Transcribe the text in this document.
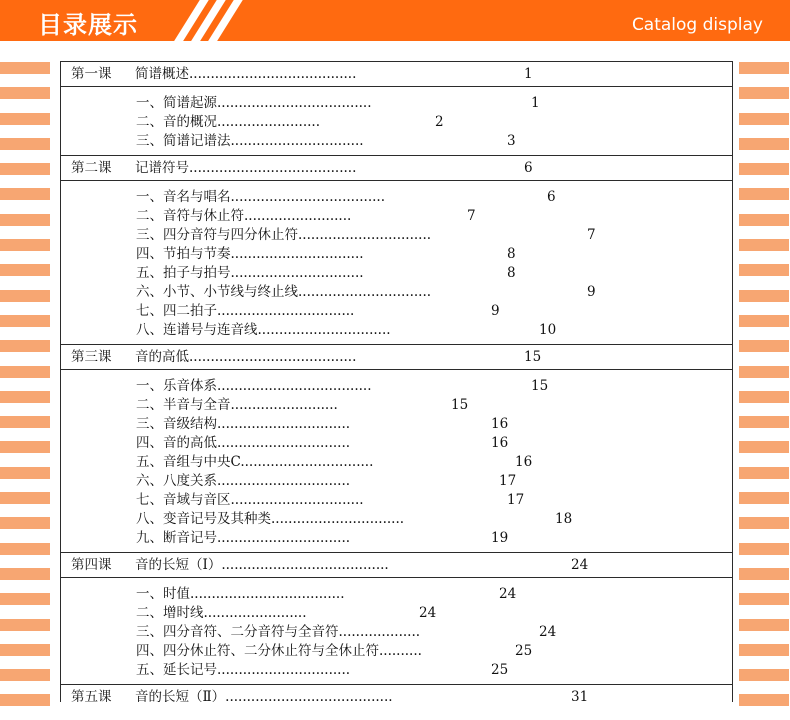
目录展示	Catalog display
第一课 简谱概述.......................................	1
一、简谱起源....................................	1
二、音的概况........................	2
三、简谱记谱法...............................	3
第二课 记谱符号.......................................	6
一、音名与唱名....................................	6
二、音符与休止符.........................	7
三、四分音符与四分休止符...............................	7
四、节拍与节奏...............................	8
五、拍子与拍号...............................	8
六、小节、小节线与终止线...............................	9
七、四二拍子................................	9
八、连谱号与连音线...............................	10
第三课 音的高低.......................................	15
一、乐音体系....................................	15
二、半音与全音.........................	15
三、音级结构...............................	16
四、音的高低...............................	16
五、音组与中央C...............................	16
六、八度关系...............................	17
七、音域与音区...............................	17
八、变音记号及其种类...............................	18
九、断音记号...............................	19
第四课 音的长短（Ⅰ）.......................................	24
一、时值....................................	24
二、增时线........................	24
三、四分音符、二分音符与全音符...................	24
四、四分休止符、二分休止符与全休止符..........	25
五、延长记号...............................	25
第五课 音的长短（Ⅱ）.......................................	31
